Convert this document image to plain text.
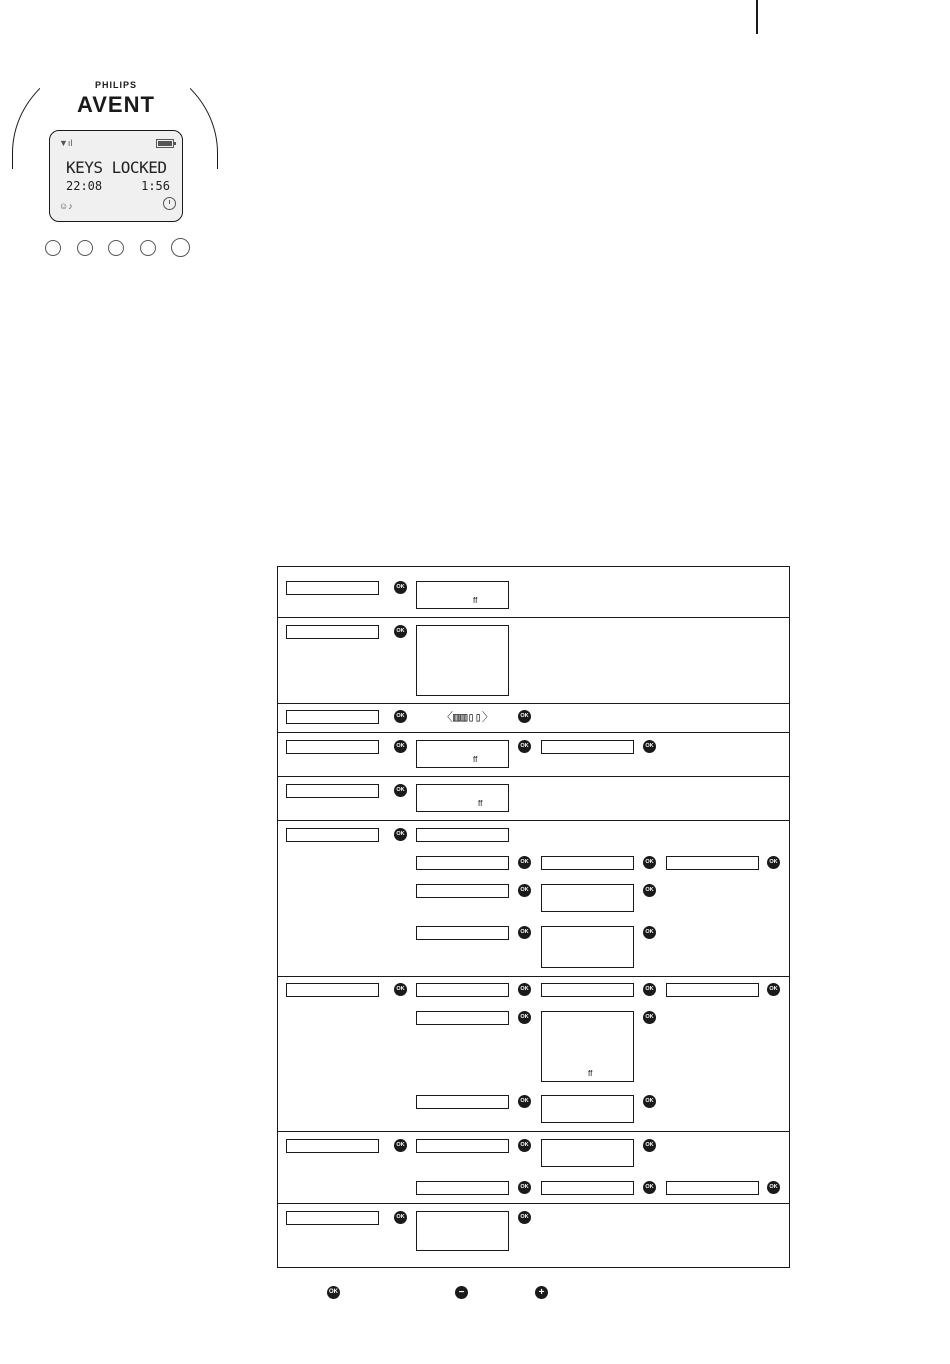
PHILIPS
AVENT
▼ıl
KEYS LOCKED
22:08	1:56
☺♪
OK
ff
OK
OK	〈▥▥▯▯〉	OK
OK
ff
OK	OK
OK
ff
OK
OK	OK	OK
OK	OK
OK	OK
OK	OK	OK	OK
OK
ff
OK
OK	OK
OK	OK	OK
OK	OK	OK
OK	OK
OK	−	+
